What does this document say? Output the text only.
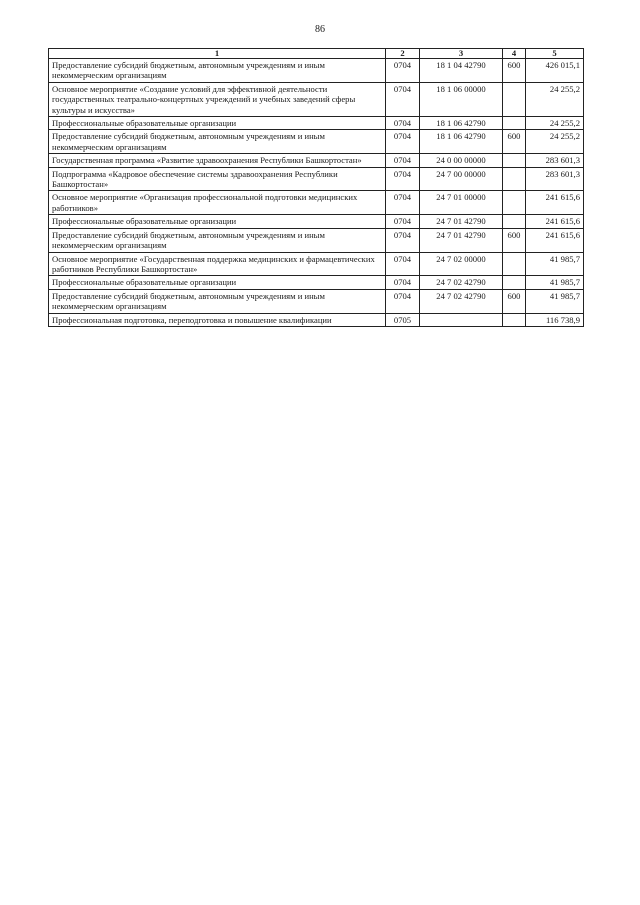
86
1	2	3	4	5
Предоставление субсидий бюджетным, автономным учреждениям и иным некоммерческим организациям	0704	18 1 04 42790	600	426 015,1
Основное мероприятие «Создание условий для эффективной деятельности государственных театрально-концертных учреждений и учебных заведений сферы культуры и искусства»	0704	18 1 06 00000		24 255,2
Профессиональные образовательные организации	0704	18 1 06 42790		24 255,2
Предоставление субсидий бюджетным, автономным учреждениям и иным некоммерческим организациям	0704	18 1 06 42790	600	24 255,2
Государственная программа «Развитие здравоохранения Республики Башкортостан»	0704	24 0 00 00000		283 601,3
Подпрограмма «Кадровое обеспечение системы здравоохранения Республики Башкортостан»	0704	24 7 00 00000		283 601,3
Основное мероприятие «Организация профессиональной подготовки медицинских работников»	0704	24 7 01 00000		241 615,6
Профессиональные образовательные организации	0704	24 7 01 42790		241 615,6
Предоставление субсидий бюджетным, автономным учреждениям и иным некоммерческим организациям	0704	24 7 01 42790	600	241 615,6
Основное мероприятие «Государственная поддержка медицинских и фармацевтических работников Республики Башкортостан»	0704	24 7 02 00000		41 985,7
Профессиональные образовательные организации	0704	24 7 02 42790		41 985,7
Предоставление субсидий бюджетным, автономным учреждениям и иным некоммерческим организациям	0704	24 7 02 42790	600	41 985,7
Профессиональная подготовка, переподготовка и повышение квалификации	0705			116 738,9
